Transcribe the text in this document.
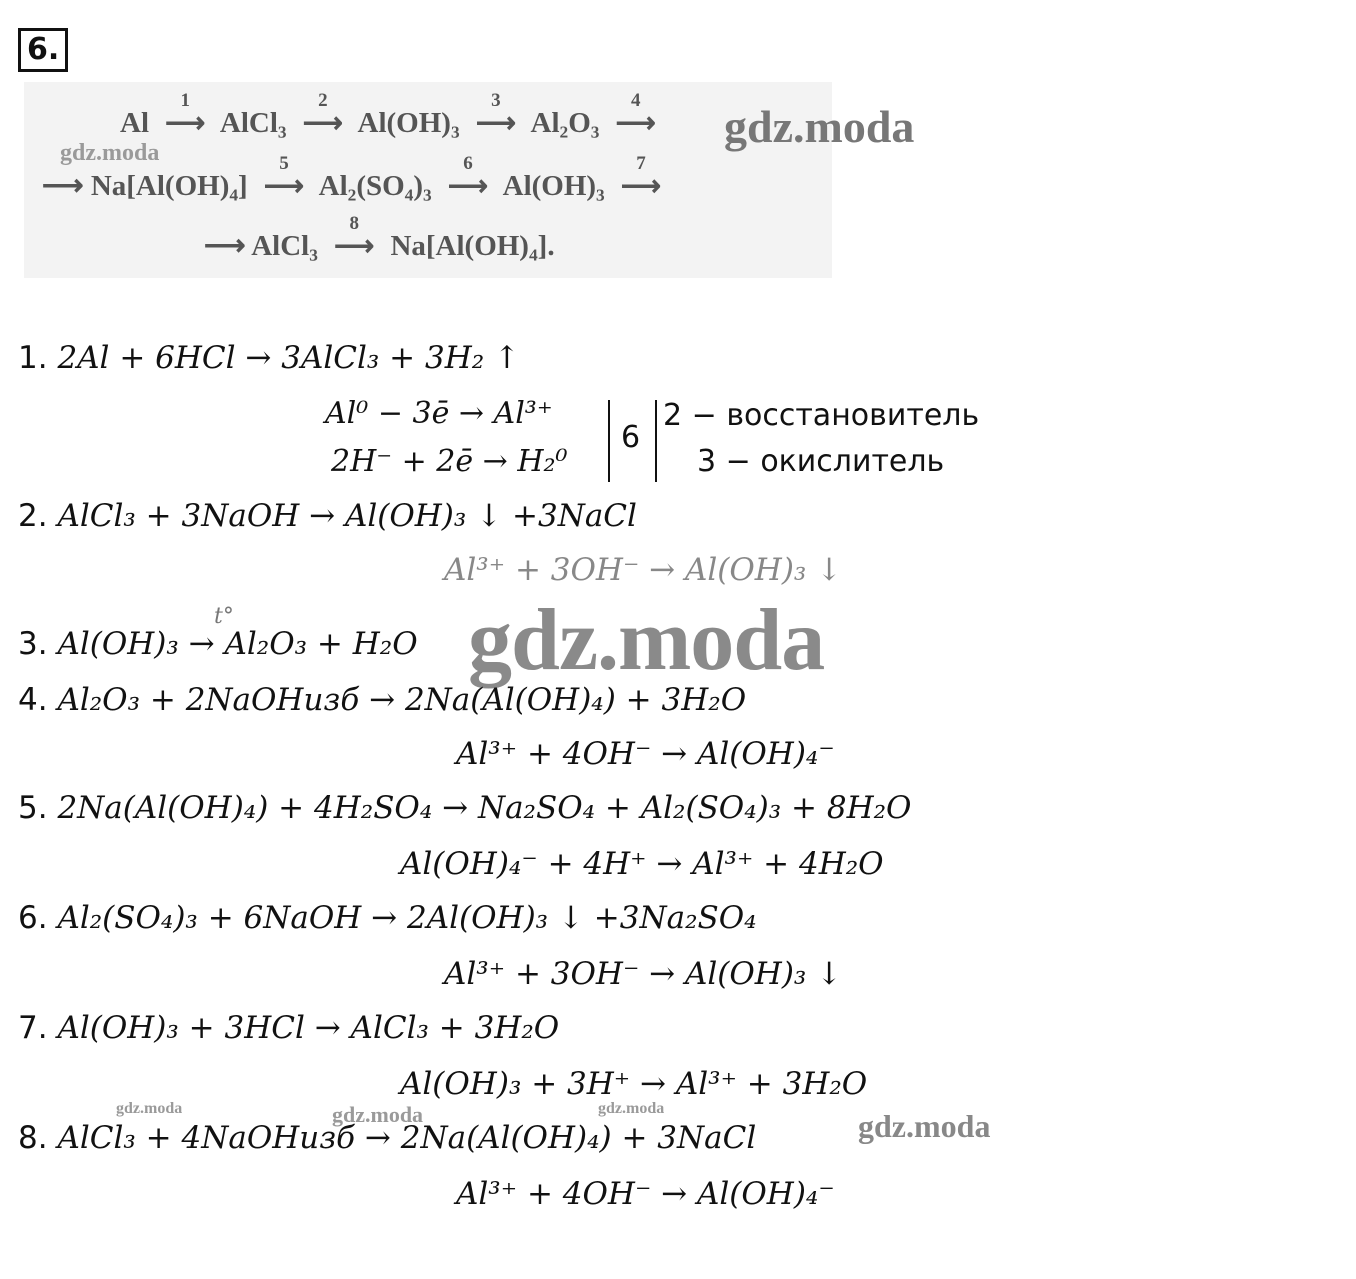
6.
Al
1
⟶ AlCl₃
2
⟶ Al(OH)₃
3
⟶ Al₂O₃
4
⟶
⟶ Na[Al(OH)₄]
5
⟶ Al₂(SO₄)₃
6
⟶ Al(OH)₃
7
⟶
⟶ AlCl₃
8
⟶ Na[Al(OH)₄].
gdz.moda
gdz.moda
1. 2Al + 6HCl → 3AlCl₃ + 3H₂ ↑
Al⁰ − 3ē → Al³⁺
2H⁻ + 2ē → H₂⁰
6
2 − восстановитель
3 − окислитель
2. AlCl₃ + 3NaOH → Al(OH)₃ ↓ +3NaCl
Al³⁺ + 3OH⁻ → Al(OH)₃ ↓
t°
3. Al(OH)₃ → Al₂O₃ + H₂O gdz.moda
4. Al₂O₃ + 2NaOHизб → 2Na(Al(OH)₄) + 3H₂O
Al³⁺ + 4OH⁻ → Al(OH)₄⁻
5. 2Na(Al(OH)₄) + 4H₂SO₄ → Na₂SO₄ + Al₂(SO₄)₃ + 8H₂O
Al(OH)₄⁻ + 4H⁺ → Al³⁺ + 4H₂O
6. Al₂(SO₄)₃ + 6NaOH → 2Al(OH)₃ ↓ +3Na₂SO₄
Al³⁺ + 3OH⁻ → Al(OH)₃ ↓
7. Al(OH)₃ + 3HCl → AlCl₃ + 3H₂O
Al(OH)₃ + 3H⁺ → Al³⁺ + 3H₂O
gdz.moda	gdz.moda	gdz.moda	gdz.moda
8. AlCl₃ + 4NaOHизб → 2Na(Al(OH)₄) + 3NaCl
Al³⁺ + 4OH⁻ → Al(OH)₄⁻
